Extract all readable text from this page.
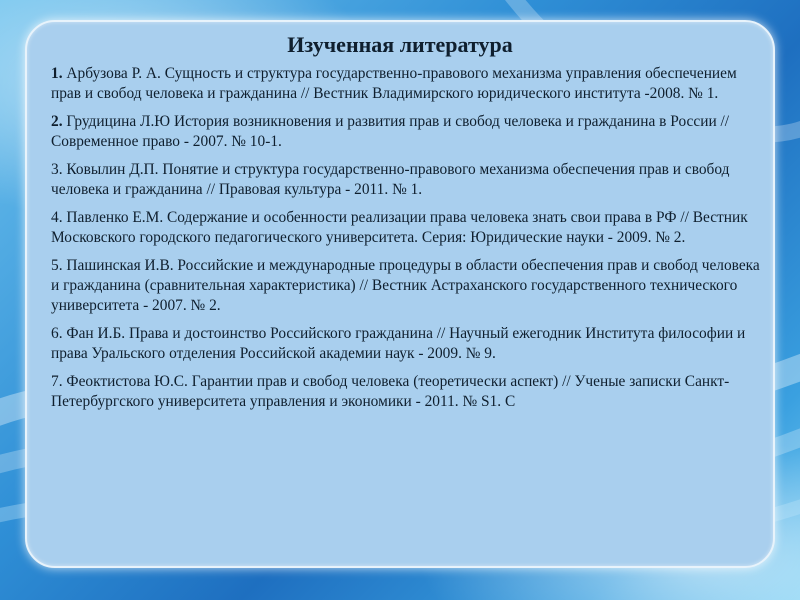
Изученная литература
1. Арбузова Р. А. Сущность и структура государственно-правового механизма управления обеспечением прав и свобод человека и гражданина // Вестник Владимирского юридического института -2008. № 1.
2. Грудицина Л.Ю История возникновения и развития прав и свобод человека и гражданина в России // Современное право - 2007. № 10-1.
3. Ковылин Д.П. Понятие и структура государственно-правового механизма обеспечения прав и свобод человека и гражданина // Правовая культура - 2011. № 1.
4. Павленко Е.М. Содержание и особенности реализации права человека знать свои права в РФ // Вестник Московского городского педагогического университета. Серия: Юридические науки - 2009. № 2.
5. Пашинская И.В. Российские и международные процедуры в области обеспечения прав и свобод человека и гражданина (сравнительная характеристика) // Вестник Астраханского государственного технического университета - 2007. № 2.
6. Фан И.Б. Права и достоинство Российского гражданина // Научный ежегодник Института философии и права Уральского отделения Российской академии наук - 2009. № 9.
7. Феоктистова Ю.С. Гарантии прав и свобод человека (теоретически аспект) // Ученые записки Санкт-Петербургского университета управления и экономики - 2011. № S1. С
